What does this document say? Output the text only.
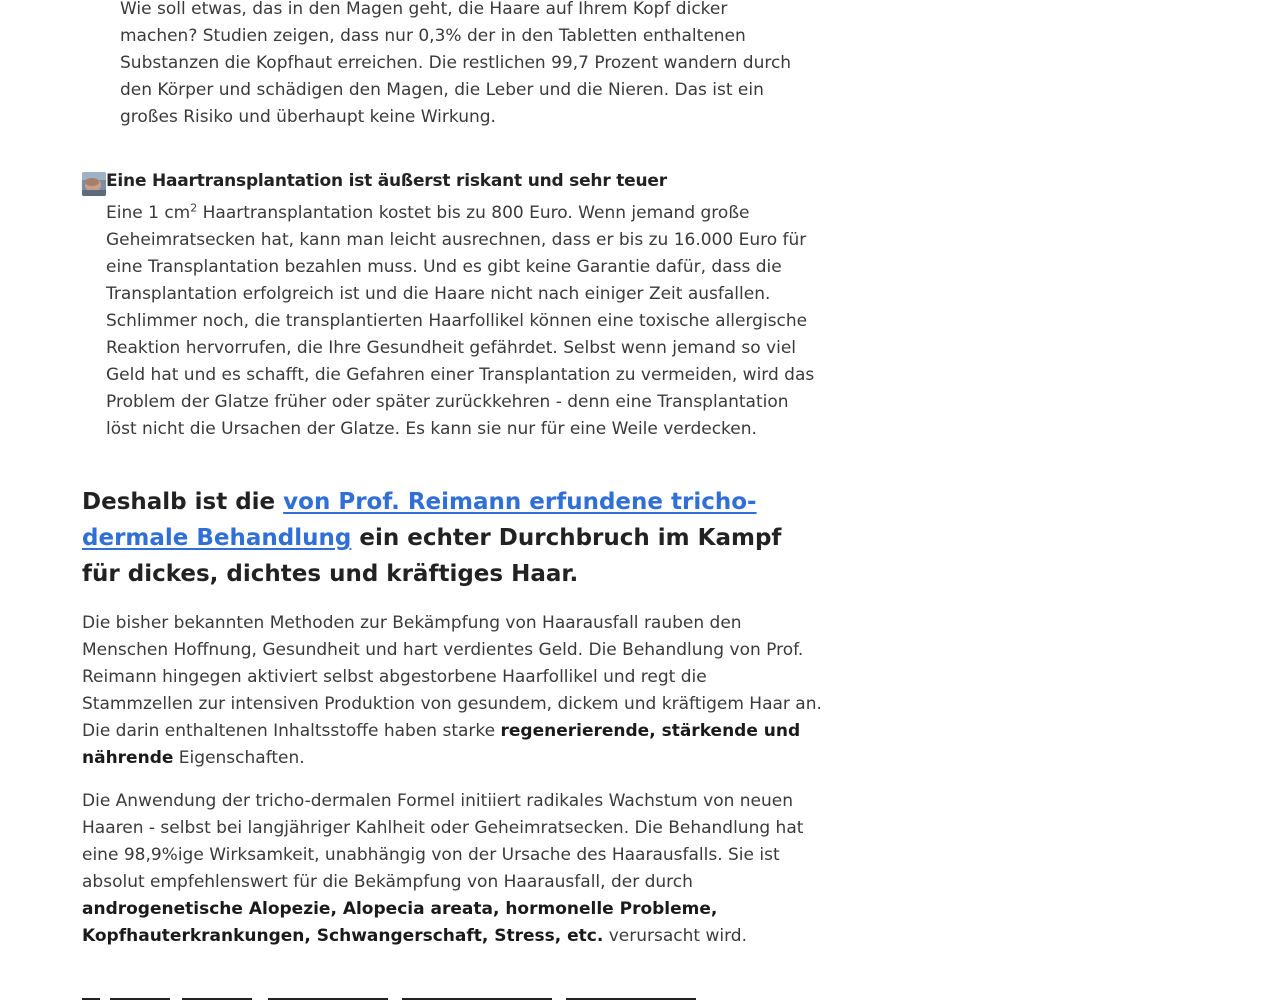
Wie soll etwas, das in den Magen geht, die Haare auf Ihrem Kopf dicker machen? Studien zeigen, dass nur 0,3% der in den Tabletten enthaltenen Substanzen die Kopfhaut erreichen. Die restlichen 99,7 Prozent wandern durch den Körper und schädigen den Magen, die Leber und die Nieren. Das ist ein großes Risiko und überhaupt keine Wirkung.

Eine Haartransplantation ist äußerst riskant und sehr teuer

Eine 1 $cm^2$ Haartransplantation kostet bis zu 800 Euro. Wenn jemand große Geheimratsecken hat, kann man leicht ausrechnen, dass er bis zu 16.000 Euro für eine Transplantation bezahlen muss. Und es gibt keine Garantie dafür, dass die Transplantation erfolgreich ist und die Haare nicht nach einiger Zeit ausfallen. Schlimmer noch, die transplantierten Haarfollikel können eine toxische allergische Reaktion hervorrufen, die Ihre Gesundheit gefährdet. Selbst wenn jemand so viel Geld hat und es schafft, die Gefahren einer Transplantation zu vermeiden, wird das Problem der Glatze früher oder später zurückkehren - denn eine Transplantation löst nicht die Ursachen der Glatze. Es kann sie nur für eine Weile verdecken.

Deshalb ist die von Prof. Reimann erfundene tricho-dermale Behandlung ein echter Durchbruch im Kampf für dickes, dichtes und kräftiges Haar.

Die bisher bekannten Methoden zur Bekämpfung von Haarausfall rauben den Menschen Hoffnung, Gesundheit und hart verdientes Geld. Die Behandlung von Prof. Reimann hingegen aktiviert selbst abgestorbene Haarfollikel und regt die Stammzellen zur intensiven Produktion von gesundem, dickem und kräftigem Haar an. Die darin enthaltenen Inhaltsstoffe haben starke regenerierende, stärkende und nährende Eigenschaften.

Die Anwendung der tricho-dermalen Formel initiiert radikales Wachstum von neuen Haaren - selbst bei langjähriger Kahlheit oder Geheimratsecken. Die Behandlung hat eine 98,9%ige Wirksamkeit, unabhängig von der Ursache des Haarausfalls. Sie ist absolut empfehlenswert für die Bekämpfung von Haarausfall, der durch androgenetische Alopezie, Alopecia areata, hormonelle Probleme, Kopfhauterkrankungen, Schwangerschaft, Stress, etc. verursacht wird.
